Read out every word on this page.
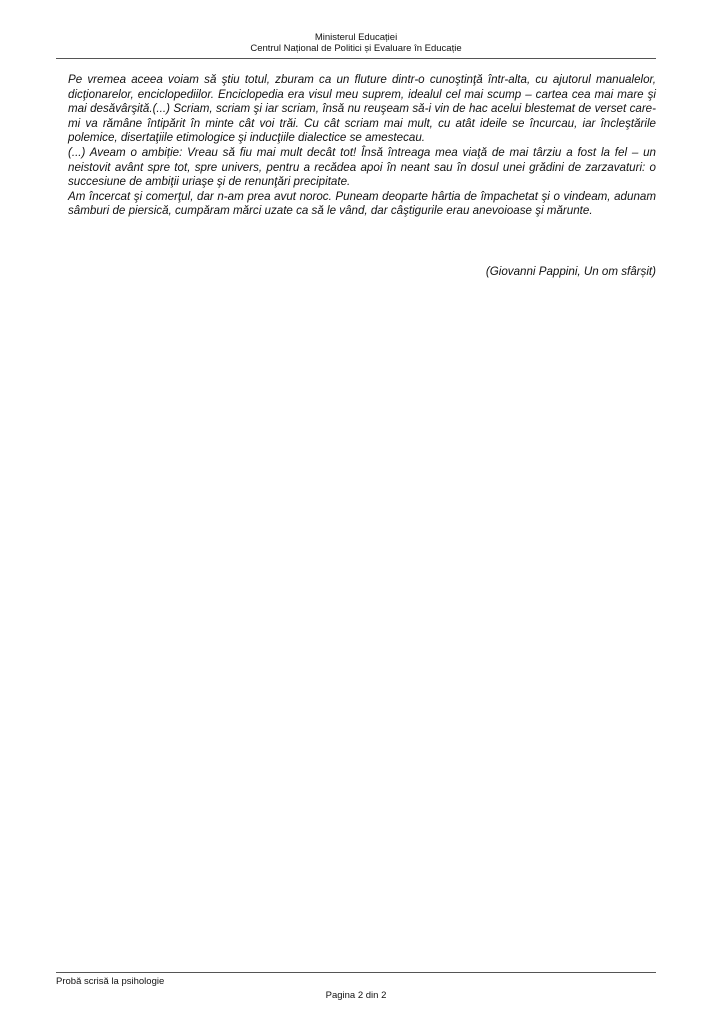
Ministerul Educației
Centrul Național de Politici și Evaluare în Educație

Pe vremea aceea voiam să ştiu totul, zburam ca un fluture dintr-o cunoştinţă într-alta, cu ajutorul manualelor, dicţionarelor, enciclopediilor. Enciclopedia era visul meu suprem, idealul cel mai scump – cartea cea mai mare şi mai desăvârşită.(...) Scriam, scriam şi iar scriam, însă nu reuşeam să-i vin de hac acelui blestemat de verset care-mi va rămâne întipărit în minte cât voi trăi. Cu cât scriam mai mult, cu atât ideile se încurcau, iar încleştările polemice, disertaţiile etimologice şi inducţiile dialectice se amestecau.

(...) Aveam o ambiție: Vreau să fiu mai mult decât tot! Însă întreaga mea viaţă de mai târziu a fost la fel – un neistovit avânt spre tot, spre univers, pentru a recădea apoi în neant sau în dosul unei grădini de zarzavaturi: o succesiune de ambiţii uriaşe şi de renunţări precipitate.

Am încercat şi comerţul, dar n-am prea avut noroc. Puneam deoparte hârtia de împachetat şi o vindeam, adunam sâmburi de piersică, cumpăram mărci uzate ca să le vând, dar câştigurile erau anevoioase şi mărunte.

(Giovanni Pappini, Un om sfârșit)
Probă scrisă la psihologie
Pagina 2 din 2
